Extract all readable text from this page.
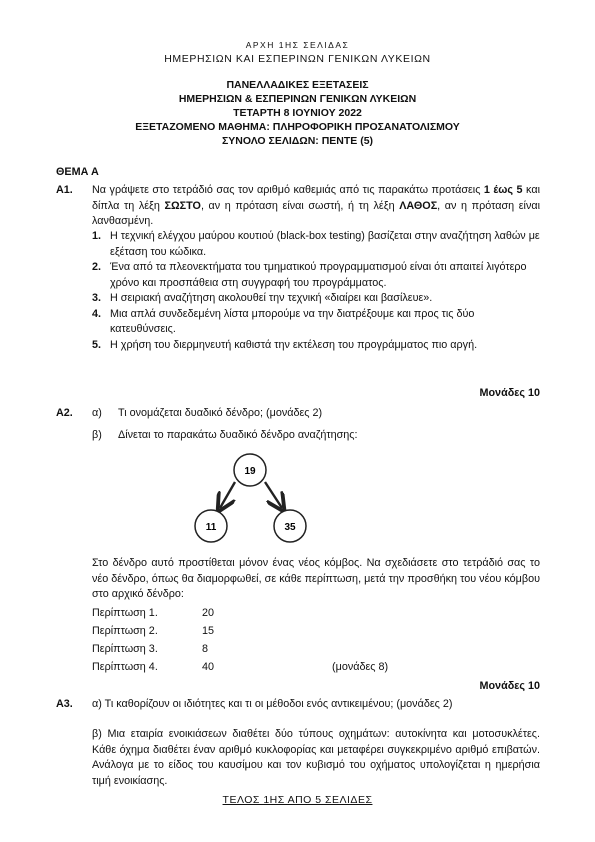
ΑΡΧΗ 1ΗΣ ΣΕΛΙΔΑΣ
ΗΜΕΡΗΣΙΩΝ ΚΑΙ ΕΣΠΕΡΙΝΩΝ ΓΕΝΙΚΩΝ ΛΥΚΕΙΩΝ
ΠΑΝΕΛΛΑΔΙΚΕΣ ΕΞΕΤΑΣΕΙΣ
ΗΜΕΡΗΣΙΩΝ & ΕΣΠΕΡΙΝΩΝ ΓΕΝΙΚΩΝ ΛΥΚΕΙΩΝ
ΤΕΤΑΡΤΗ 8 ΙΟΥΝΙΟΥ 2022
ΕΞΕΤΑΖΟΜΕΝΟ ΜΑΘΗΜΑ: ΠΛΗΡΟΦΟΡΙΚΗ ΠΡΟΣΑΝΑΤΟΛΙΣΜΟΥ
ΣΥΝΟΛΟ ΣΕΛΙΔΩΝ: ΠΕΝΤΕ (5)
ΘΕΜΑ Α
Α1. Να γράψετε στο τετράδιό σας τον αριθμό καθεμιάς από τις παρακάτω προτάσεις 1 έως 5 και δίπλα τη λέξη ΣΩΣΤΟ, αν η πρόταση είναι σωστή, ή τη λέξη ΛΑΘΟΣ, αν η πρόταση είναι λανθασμένη.
1. Η τεχνική ελέγχου μαύρου κουτιού (black-box testing) βασίζεται στην αναζήτηση λαθών με εξέταση του κώδικα.
2. Ένα από τα πλεονεκτήματα του τμηματικού προγραμματισμού είναι ότι απαιτεί λιγότερο χρόνο και προσπάθεια στη συγγραφή του προγράμματος.
3. Η σειριακή αναζήτηση ακολουθεί την τεχνική «διαίρει και βασίλευε».
4. Μια απλά συνδεδεμένη λίστα μπορούμε να την διατρέξουμε και προς τις δύο κατευθύνσεις.
5. Η χρήση του διερμηνευτή καθιστά την εκτέλεση του προγράμματος πιο αργή.
Μονάδες 10
Α2. α) Τι ονομάζεται δυαδικό δένδρο; (μονάδες 2)
β) Δίνεται το παρακάτω δυαδικό δένδρο αναζήτησης:
19
11	35
Στο δένδρο αυτό προστίθεται μόνον ένας νέος κόμβος. Να σχεδιάσετε στο τετράδιό σας το νέο δένδρο, όπως θα διαμορφωθεί, σε κάθε περίπτωση, μετά την προσθήκη του νέου κόμβου στο αρχικό δένδρο:
Περίπτωση 1.	20
Περίπτωση 2.	15
Περίπτωση 3.	8
Περίπτωση 4.	40	(μονάδες 8)
Μονάδες 10
Α3. α) Τι καθορίζουν οι ιδιότητες και τι οι μέθοδοι ενός αντικειμένου; (μονάδες 2)
β) Μια εταιρία ενοικιάσεων διαθέτει δύο τύπους οχημάτων: αυτοκίνητα και μοτοσυκλέτες. Κάθε όχημα διαθέτει έναν αριθμό κυκλοφορίας και μεταφέρει συγκεκριμένο αριθμό επιβατών. Ανάλογα με το είδος του καυσίμου και τον κυβισμό του οχήματος υπολογίζεται η ημερήσια τιμή ενοικίασης.
ΤΕΛΟΣ 1ΗΣ ΑΠΟ 5 ΣΕΛΙΔΕΣ
